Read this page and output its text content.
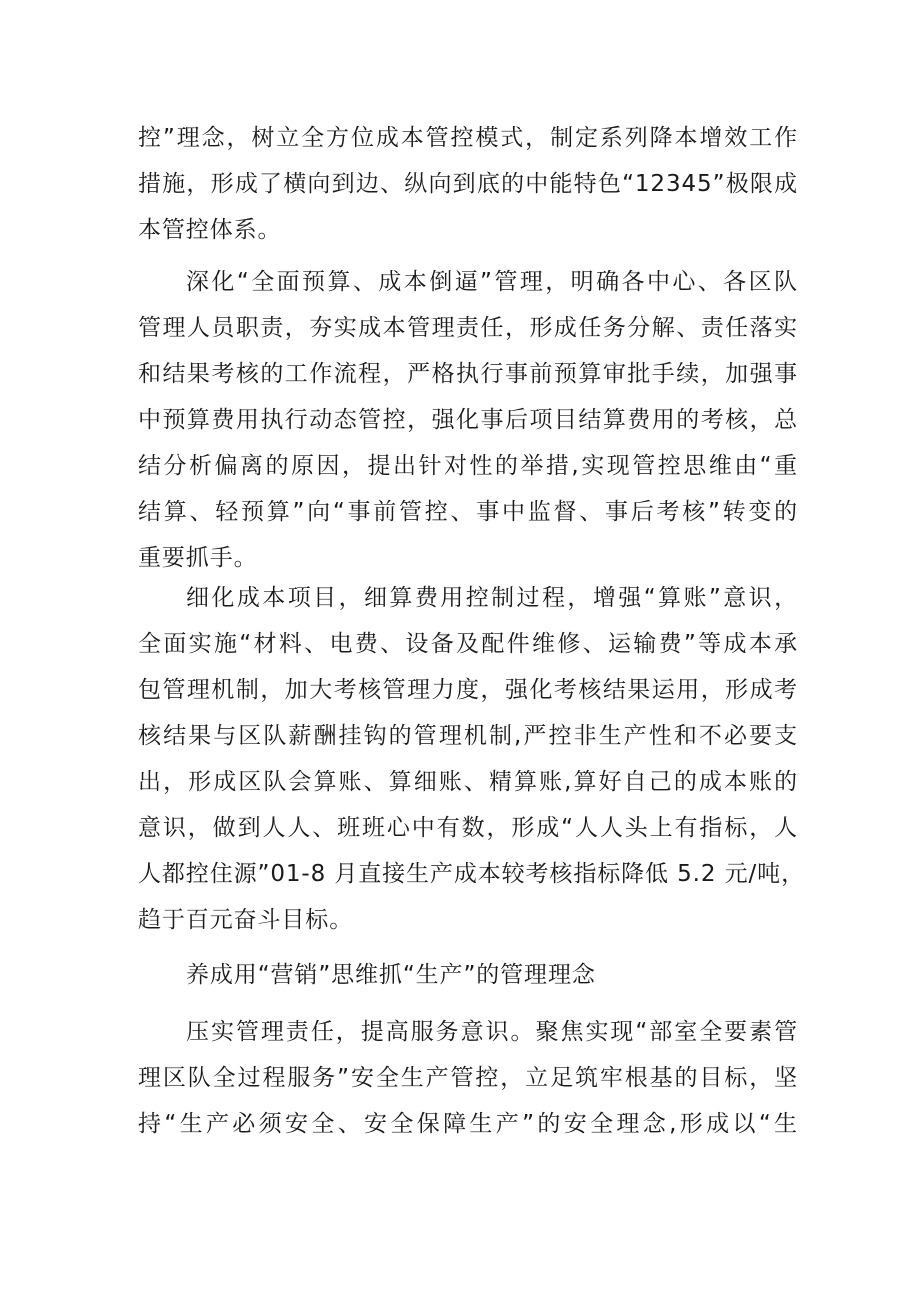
控”理念，树立全方位成本管控模式，制定系列降本增效工作
措施，形成了横向到边、纵向到底的中能特色“12345”极限成
本管控体系。
深化“全面预算、成本倒逼”管理，明确各中心、各区队
管理人员职责，夯实成本管理责任，形成任务分解、责任落实
和结果考核的工作流程，严格执行事前预算审批手续，加强事
中预算费用执行动态管控，强化事后项目结算费用的考核，总
结分析偏离的原因，提出针对性的举措,实现管控思维由“重
结算、轻预算”向“事前管控、事中监督、事后考核”转变的
重要抓手。
细化成本项目，细算费用控制过程，增强“算账”意识，
全面实施“材料、电费、设备及配件维修、运输费”等成本承
包管理机制，加大考核管理力度，强化考核结果运用，形成考
核结果与区队薪酬挂钩的管理机制,严控非生产性和不必要支
出，形成区队会算账、算细账、精算账,算好自己的成本账的
意识，做到人人、班班心中有数，形成“人人头上有指标，人
人都控住源”01-8 月直接生产成本较考核指标降低 5.2 元/吨，
趋于百元奋斗目标。
养成用“营销”思维抓“生产”的管理理念
压实管理责任，提高服务意识。聚焦实现“部室全要素管
理区队全过程服务”安全生产管控，立足筑牢根基的目标，坚
持“生产必须安全、安全保障生产”的安全理念,形成以“生
